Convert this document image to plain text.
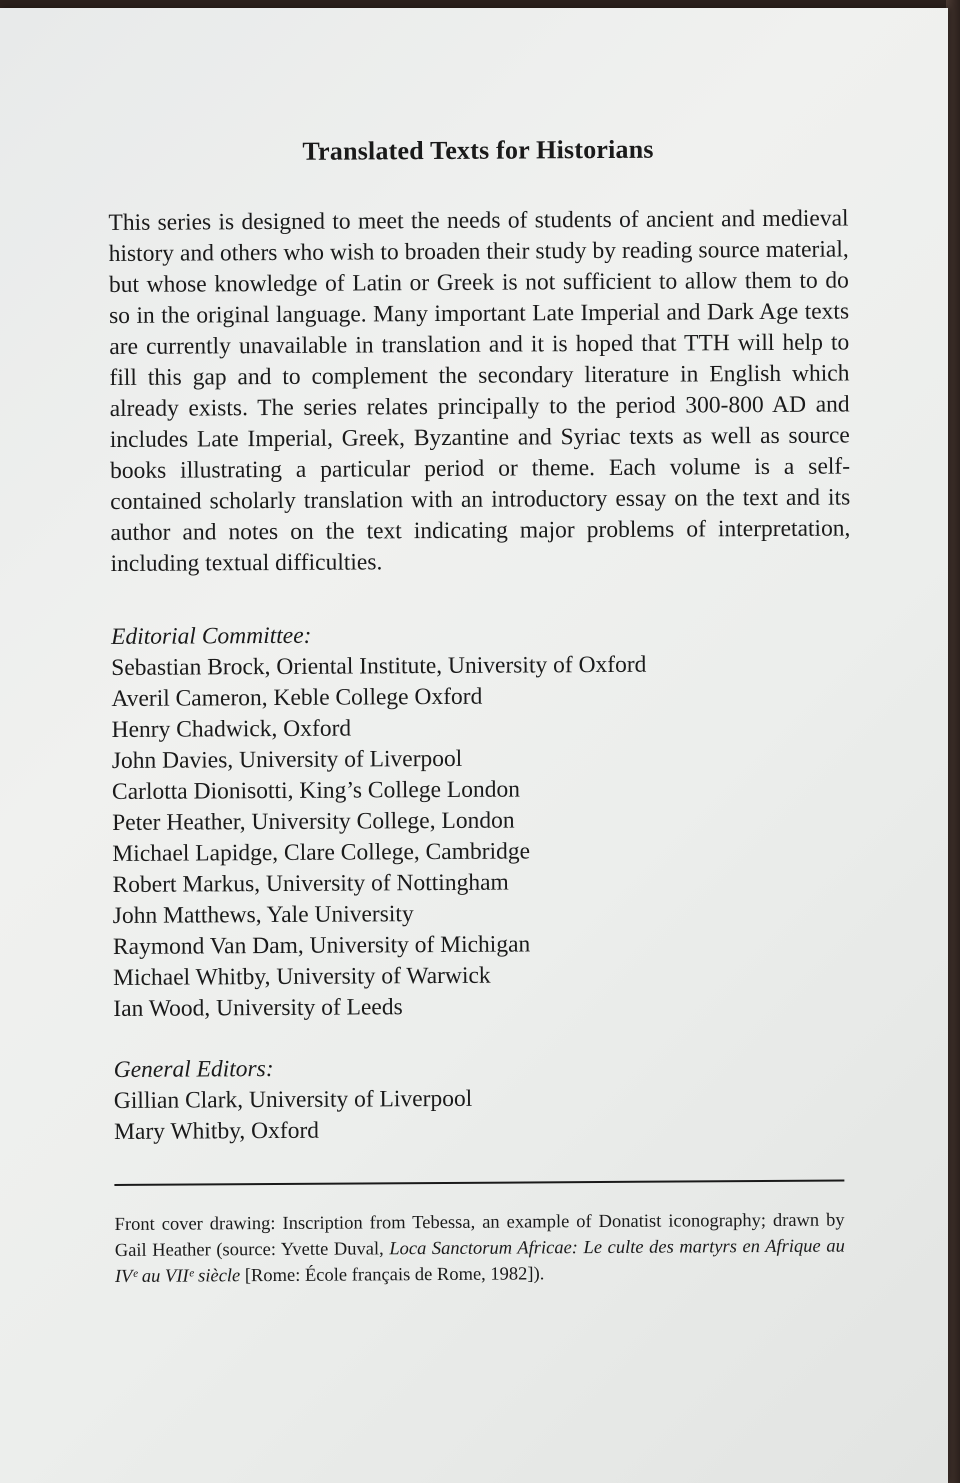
Translated Texts for Historians

This series is designed to meet the needs of students of ancient and medieval history and others who wish to broaden their study by reading source material, but whose knowledge of Latin or Greek is not sufficient to allow them to do so in the original language. Many important Late Imperial and Dark Age texts are currently unavailable in translation and it is hoped that TTH will help to fill this gap and to complement the secondary literature in English which already exists. The series relates principally to the period 300-800 AD and includes Late Imperial, Greek, Byzantine and Syriac texts as well as source books illustrating a particular period or theme. Each volume is a self-contained scholarly translation with an introductory essay on the text and its author and notes on the text indicating major problems of interpretation, including textual difficulties.

Editorial Committee:
Sebastian Brock, Oriental Institute, University of Oxford
Averil Cameron, Keble College Oxford
Henry Chadwick, Oxford
John Davies, University of Liverpool
Carlotta Dionisotti, King’s College London
Peter Heather, University College, London
Michael Lapidge, Clare College, Cambridge
Robert Markus, University of Nottingham
John Matthews, Yale University
Raymond Van Dam, University of Michigan
Michael Whitby, University of Warwick
Ian Wood, University of Leeds
General Editors:
Gillian Clark, University of Liverpool
Mary Whitby, Oxford
Front cover drawing: Inscription from Tebessa, an example of Donatist iconography; drawn by Gail Heather (source: Yvette Duval, Loca Sanctorum Africae: Le culte des martyrs en Afrique au IVᵉ au VIIᵉ siècle [Rome: École français de Rome, 1982]).
